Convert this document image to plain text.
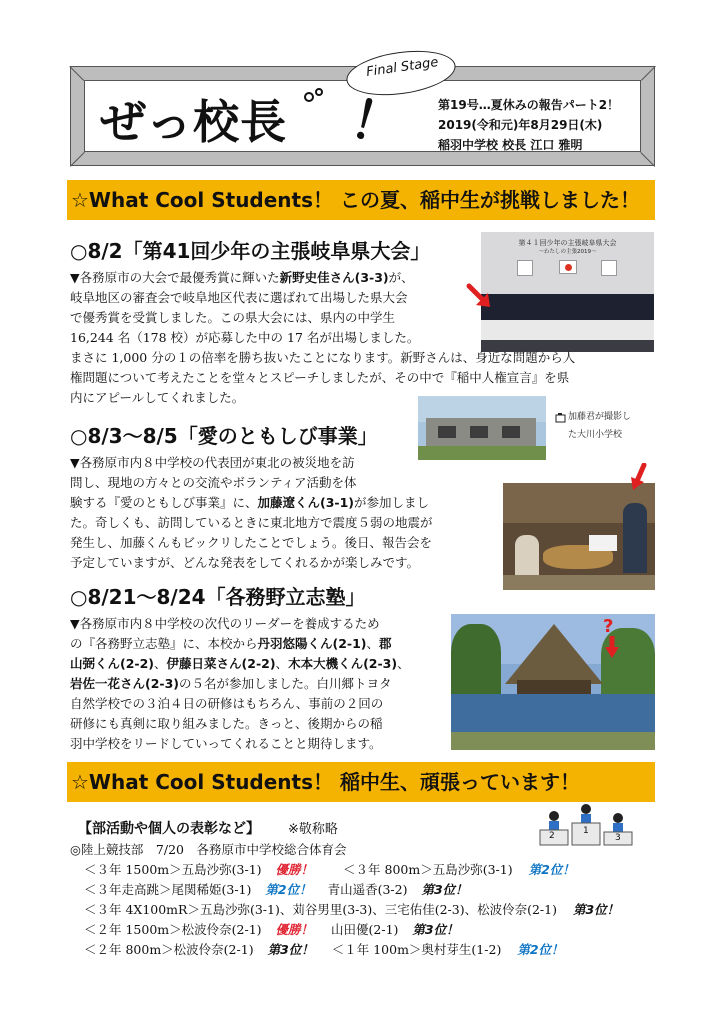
ぜっ校長 ！
Final Stage
第19号…夏休みの報告パート2！
2019(令和元)年8月29日(木)
稲羽中学校 校長 江口 雅明
☆What Cool Students！ この夏、稲中生が挑戦しました！
○8/2「第41回少年の主張岐阜県大会」	第４１回少年の主張岐阜県大会
～わたしの主張2019～
▼各務原市の大会で最優秀賞に輝いた新野史佳さん(3-3)が、
岐阜地区の審査会で岐阜地区代表に選ばれて出場した県大会
で優秀賞を受賞しました。この県大会には、県内の中学生
16,244 名（178 校）が応募した中の 17 名が出場しました。
まさに 1,000 分の１の倍率を勝ち抜いたことになります。新野さんは、身近な問題から人
権問題について考えたことを堂々とスピーチしましたが、その中で『稲中人権宣言』を県
内にアピールしてくれました。
○8/3～8/5「愛のともしび事業」
加藤君が撮影し
た大川小学校
▼各務原市内８中学校の代表団が東北の被災地を訪
問し、現地の方々との交流やボランティア活動を体
験する『愛のともしび事業』に、加藤遼くん(3-1)が参加しまし
た。奇しくも、訪問しているときに東北地方で震度５弱の地震が
発生し、加藤くんもビックリしたことでしょう。後日、報告会を
予定していますが、どんな発表をしてくれるかが楽しみです。
○8/21～8/24「各務野立志塾」
?
▼各務原市内８中学校の次代のリーダーを養成するため
の『各務野立志塾』に、本校から丹羽悠陽くん(2-1)、郡
山弼くん(2-2)、伊藤日菜さん(2-2)、木本大機くん(2-3)、
岩佐一花さん(2-3)の５名が参加しました。白川郷トヨタ
自然学校での３泊４日の研修はもちろん、事前の２回の
研修にも真剣に取り組みました。きっと、後期からの稲
羽中学校をリードしていってくれることと期待します。
☆What Cool Students！ 稲中生、頑張っています！
【部活動や個人の表彰など】 ※敬称略
◎陸上競技部　7/20　各務原市中学校総合体育会
＜３年 1500m＞五島沙弥(3-1) 優勝！ ＜３年 800m＞五島沙弥(3-1) 第2位！
＜３年走高跳＞尾関稀姫(3-1) 第2位！ 青山遥香(3-2) 第3位！
＜３年 4X100mR＞五島沙弥(3-1)、苅谷男里(3-3)、三宅佑佳(2-3)、松波伶奈(2-1) 第3位！
＜２年 1500m＞松波伶奈(2-1) 優勝！ 山田優(2-1) 第3位！
＜２年 800m＞松波伶奈(2-1) 第3位！ ＜１年 100m＞奥村芽生(1-2) 第2位！
2	1
3
